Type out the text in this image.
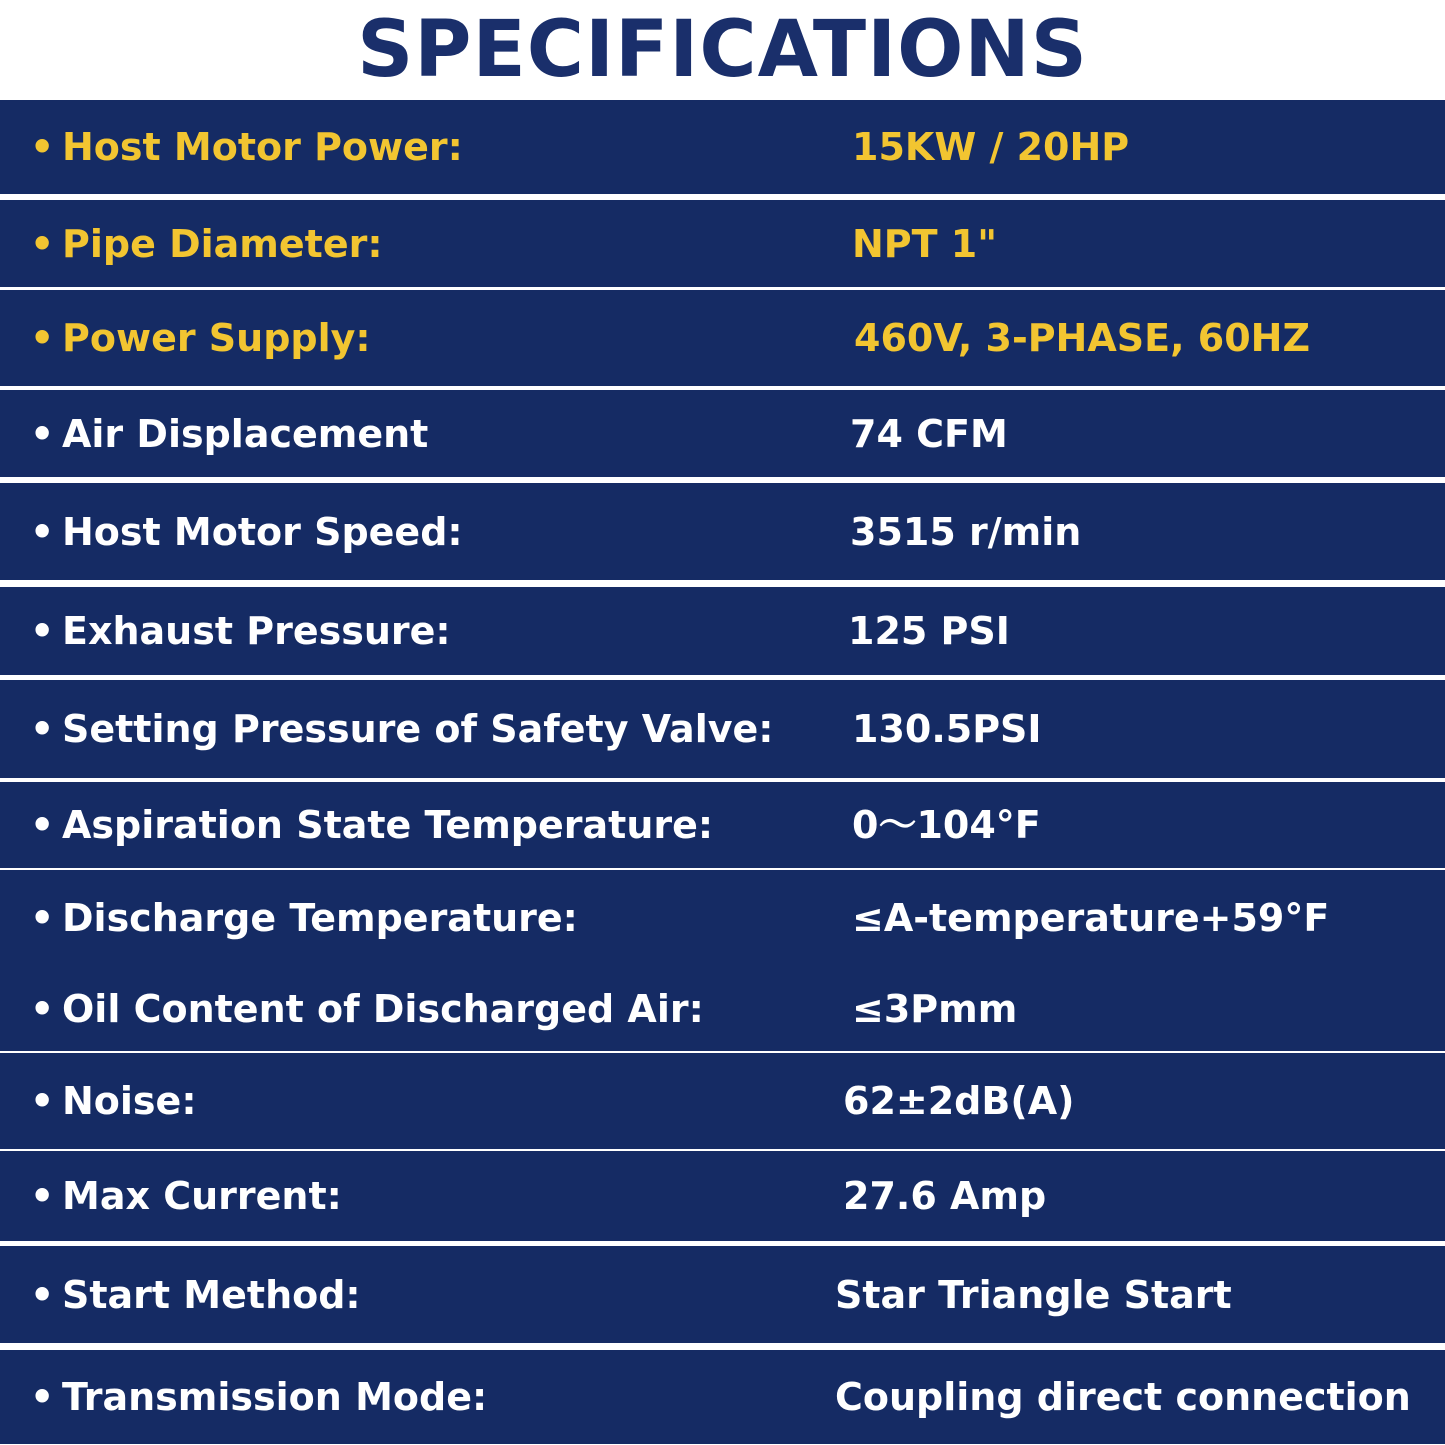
SPECIFICATIONS
• Host Motor Power:	15KW / 20HP
• Pipe Diameter:	NPT 1"
• Power Supply:	460V, 3-PHASE, 60HZ
• Air Displacement	74 CFM
• Host Motor Speed:	3515 r/min
• Exhaust Pressure:	125 PSI
• Setting Pressure of Safety Valve: 130.5PSI
• Aspiration State Temperature:	0～104°F
• Discharge Temperature:	≤A-temperature+59°F
• Oil Content of Discharged Air:	≤3Pmm
• Noise:	62±2dB(A)
• Max Current:	27.6 Amp
• Start Method:	Star Triangle Start
• Transmission Mode:	Coupling direct connection
